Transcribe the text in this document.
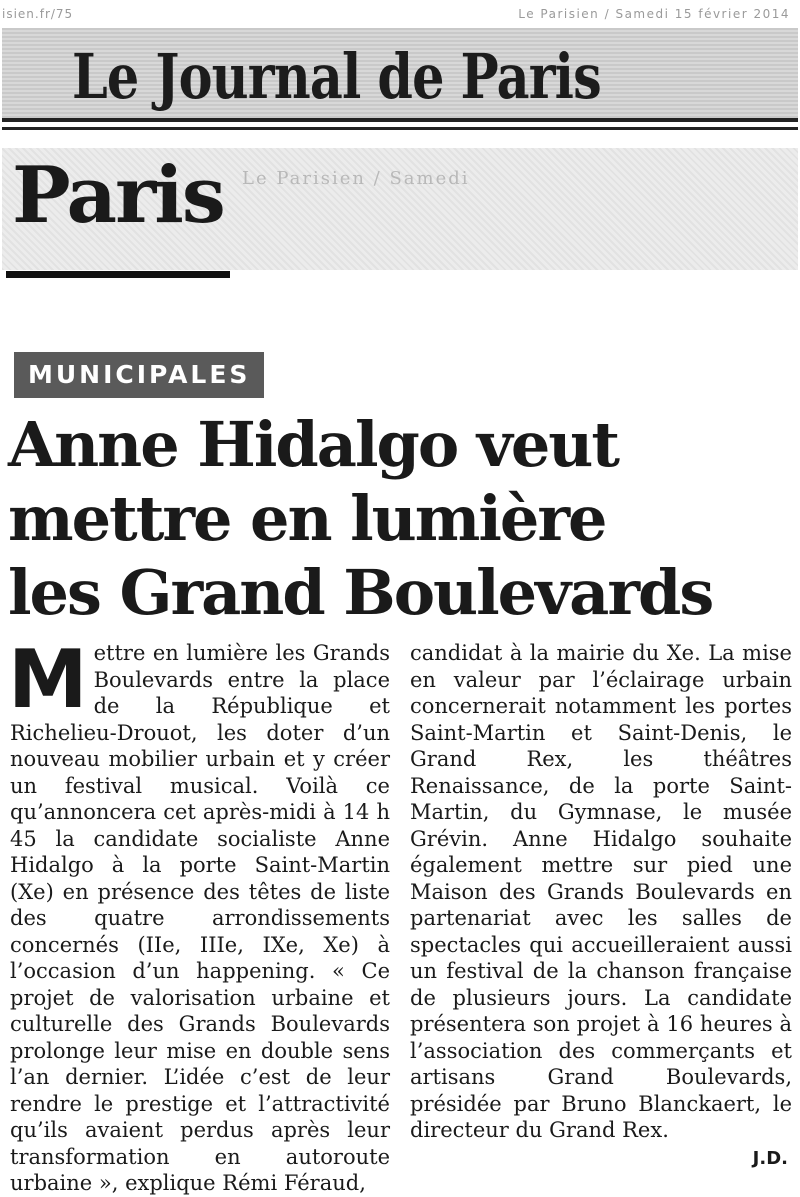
isien.fr/75	Le Parisien / Samedi 15 février 2014
Le Journal de Paris
Le Parisien / Samedi
Paris
MUNICIPALES
Anne Hidalgo veut
mettre en lumière
les Grand Boulevards
M ettre en lumière les Grands Boulevards entre la place de la République et Richelieu-Drouot, les doter d’un nouveau mobilier urbain et y créer un festival musical. Voilà ce qu’annoncera cet après-midi à 14 h 45 la candidate socialiste Anne Hidalgo à la porte Saint-Martin (Xe) en présence des têtes de liste des quatre arrondissements concernés (IIe, IIIe, IXe, Xe) à l’occasion d’un happening. « Ce projet de valorisation urbaine et culturelle des Grands Boulevards prolonge leur mise en double sens l’an dernier. L’idée c’est de leur rendre le prestige et l’attractivité qu’ils avaient perdus après leur transformation en autoroute urbaine », explique Rémi Féraud,

candidat à la mairie du Xe. La mise en valeur par l’éclairage urbain concernerait notamment les portes Saint-Martin et Saint-Denis, le Grand Rex, les théâtres Renaissance, de la porte Saint-Martin, du Gymnase, le musée Grévin. Anne Hidalgo souhaite également mettre sur pied une Maison des Grands Boulevards en partenariat avec les salles de spectacles qui accueilleraient aussi un festival de la chanson française de plusieurs jours. La candidate présentera son projet à 16 heures à l’association des commerçants et artisans Grand Boulevards, présidée par Bruno Blanckaert, le directeur du Grand Rex.

J.D.
